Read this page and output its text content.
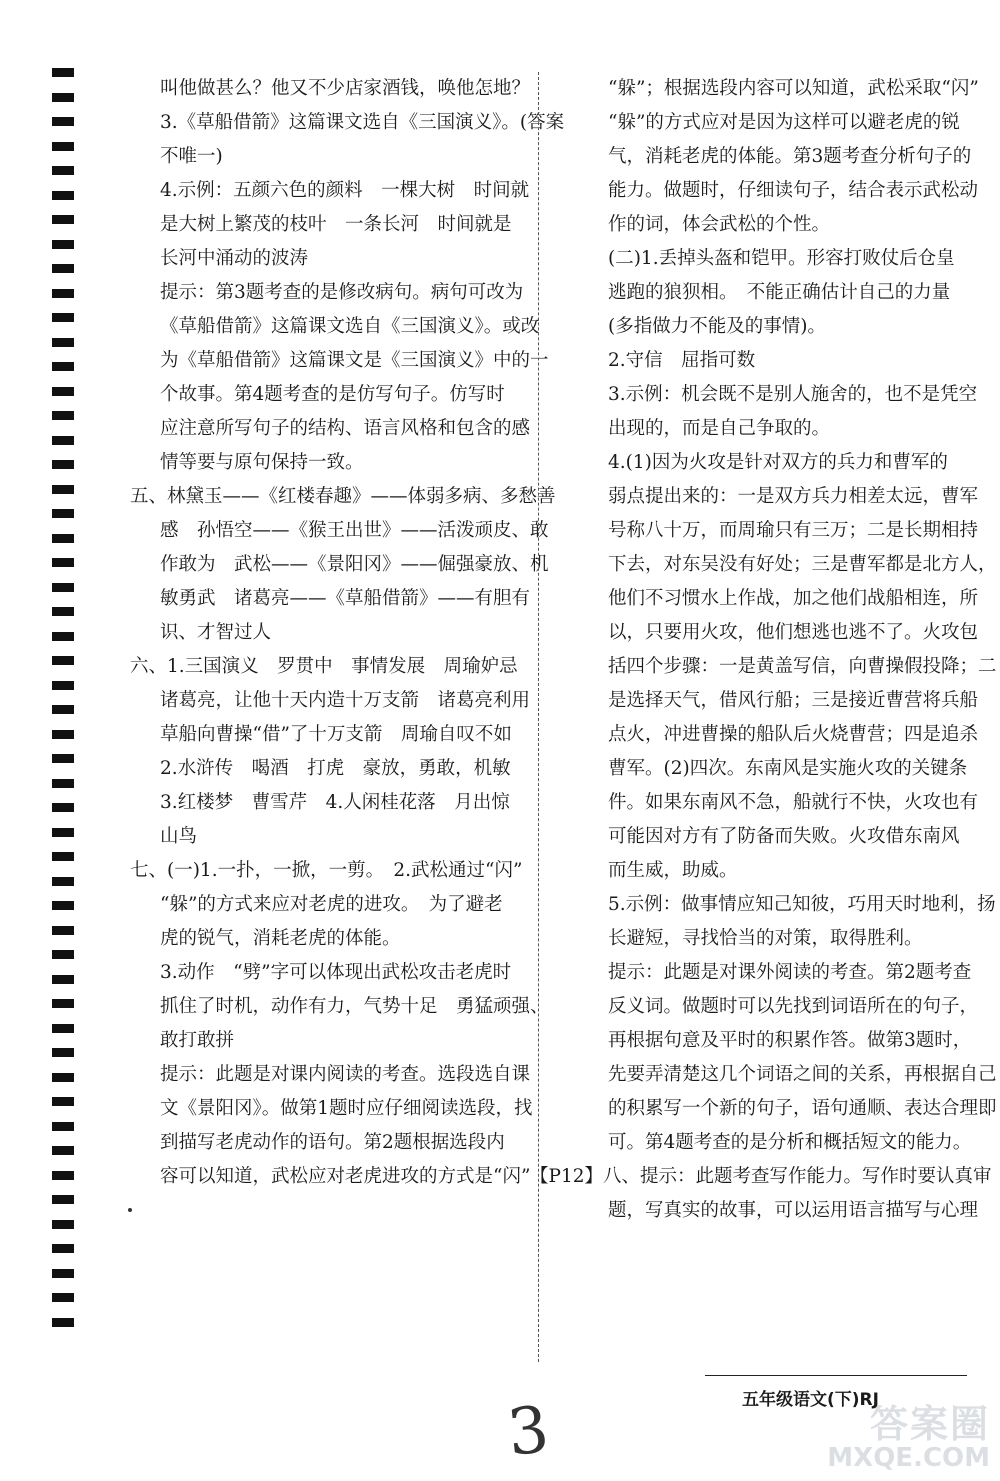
叫他做甚么？他又不少店家酒钱，唤他怎地？
3.《草船借箭》这篇课文选自《三国演义》。(答案
不唯一)
4.示例：五颜六色的颜料　一棵大树　时间就
是大树上繁茂的枝叶　一条长河　时间就是
长河中涌动的波涛
提示：第3题考查的是修改病句。病句可改为
《草船借箭》这篇课文选自《三国演义》。或改
为《草船借箭》这篇课文是《三国演义》中的一
个故事。第4题考查的是仿写句子。仿写时
应注意所写句子的结构、语言风格和包含的感
情等要与原句保持一致。
五、林黛玉——《红楼春趣》——体弱多病、多愁善
感　孙悟空——《猴王出世》——活泼顽皮、敢
作敢为　武松——《景阳冈》——倔强豪放、机
敏勇武　诸葛亮——《草船借箭》——有胆有
识、才智过人
六、1.三国演义　罗贯中　事情发展　周瑜妒忌
诸葛亮，让他十天内造十万支箭　诸葛亮利用
草船向曹操“借”了十万支箭　周瑜自叹不如
2.水浒传　喝酒　打虎　豪放，勇敢，机敏
3.红楼梦　曹雪芹　4.人闲桂花落　月出惊
山鸟
七、(一)1.一扑，一掀，一剪。　2.武松通过“闪”
“躲”的方式来应对老虎的进攻。　为了避老
虎的锐气，消耗老虎的体能。
3.动作　“劈”字可以体现出武松攻击老虎时
抓住了时机，动作有力，气势十足　勇猛顽强、
敢打敢拼
提示：此题是对课内阅读的考查。选段选自课
文《景阳冈》。做第1题时应仔细阅读选段，找
到描写老虎动作的语句。第2题根据选段内
容可以知道，武松应对老虎进攻的方式是“闪”
“躲”；根据选段内容可以知道，武松采取“闪”
“躲”的方式应对是因为这样可以避老虎的锐
气，消耗老虎的体能。第3题考查分析句子的
能力。做题时，仔细读句子，结合表示武松动
作的词，体会武松的个性。
(二)1.丢掉头盔和铠甲。形容打败仗后仓皇
逃跑的狼狈相。　不能正确估计自己的力量
(多指做力不能及的事情)。
2.守信　屈指可数
3.示例：机会既不是别人施舍的，也不是凭空
出现的，而是自己争取的。
4.(1)因为火攻是针对双方的兵力和曹军的
弱点提出来的：一是双方兵力相差太远，曹军
号称八十万，而周瑜只有三万；二是长期相持
下去，对东吴没有好处；三是曹军都是北方人，
他们不习惯水上作战，加之他们战船相连，所
以，只要用火攻，他们想逃也逃不了。火攻包
括四个步骤：一是黄盖写信，向曹操假投降；二
是选择天气，借风行船；三是接近曹营将兵船
点火，冲进曹操的船队后火烧曹营；四是追杀
曹军。(2)四次。东南风是实施火攻的关键条
件。如果东南风不急，船就行不快，火攻也有
可能因对方有了防备而失败。火攻借东南风
而生威，助威。
5.示例：做事情应知己知彼，巧用天时地利，扬
长避短，寻找恰当的对策，取得胜利。
提示：此题是对课外阅读的考查。第2题考查
反义词。做题时可以先找到词语所在的句子，
再根据句意及平时的积累作答。做第3题时，
先要弄清楚这几个词语之间的关系，再根据自己
的积累写一个新的句子，语句通顺、表达合理即
可。第4题考查的是分析和概括短文的能力。
【P12】八、提示：此题考查写作能力。写作时要认真审
题，写真实的故事，可以运用语言描写与心理
五年级语文(下)RJ
3	答案圈
MXQE.COM
